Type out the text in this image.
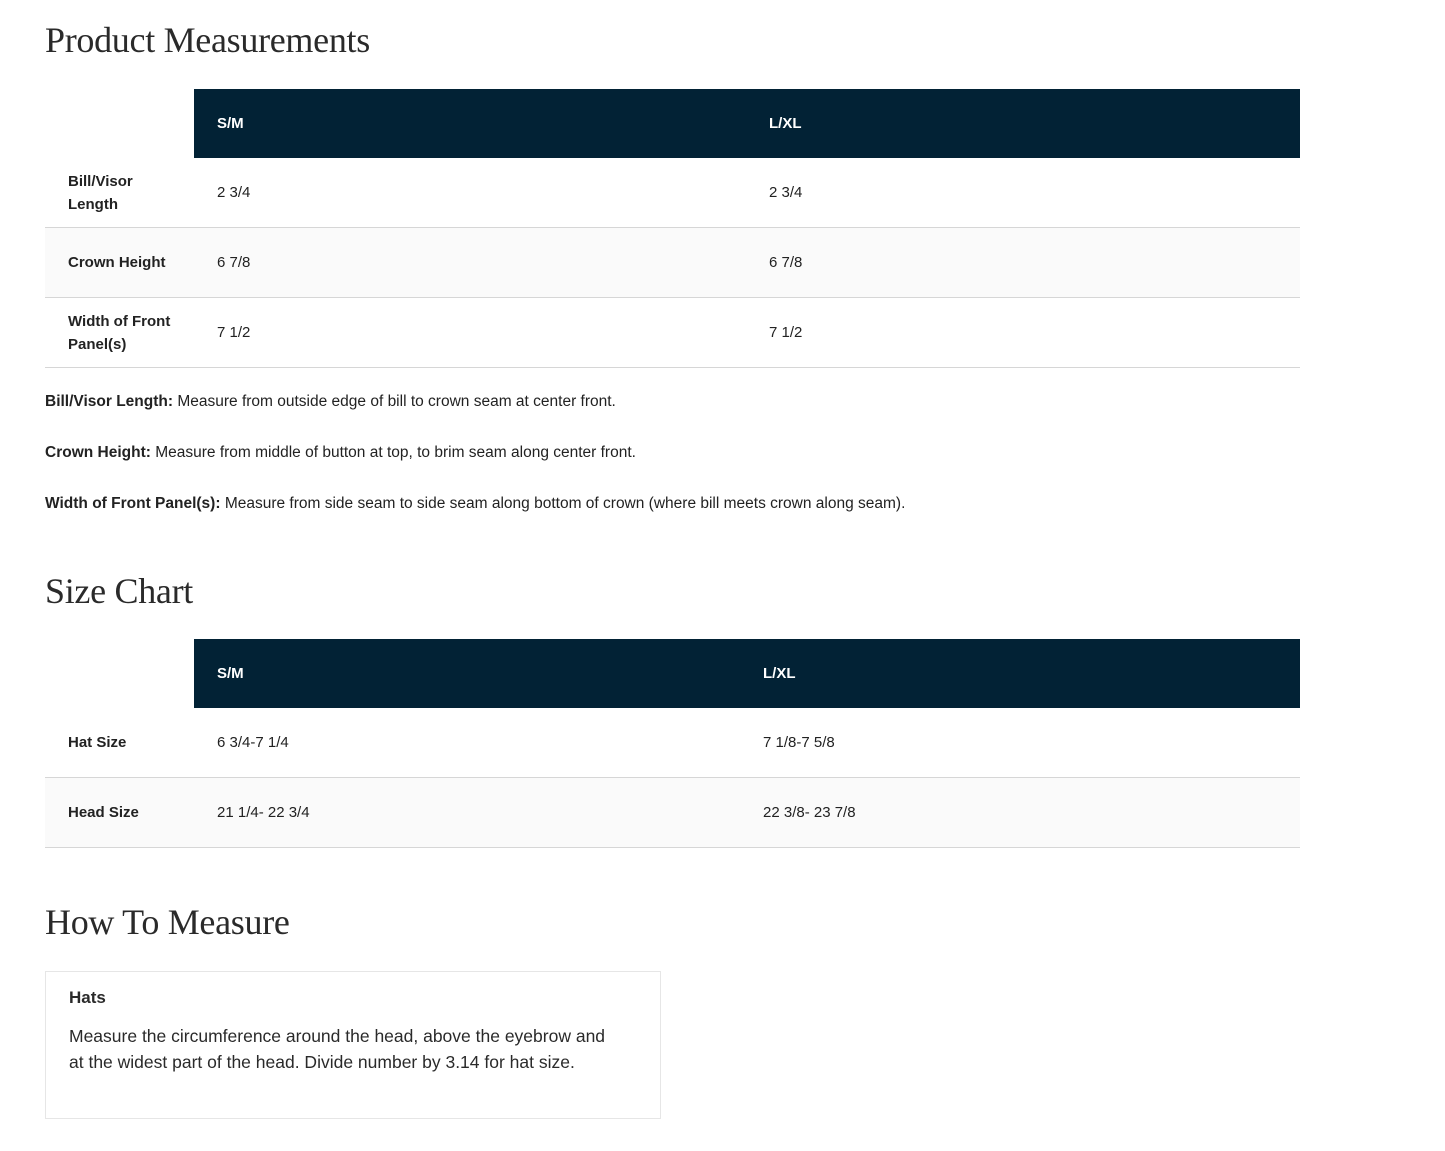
Product Measurements
	S/M	L/XL
Bill/Visor Length	2 3/4	2 3/4
Crown Height	6 7/8	6 7/8
Width of Front Panel(s)	7 1/2	7 1/2

Bill/Visor Length: Measure from outside edge of bill to crown seam at center front.

Crown Height: Measure from middle of button at top, to brim seam along center front.

Width of Front Panel(s): Measure from side seam to side seam along bottom of crown (where bill meets crown along seam).

Size Chart
	S/M	L/XL
Hat Size	6 3/4-7 1/4	7 1/8-7 5/8
Head Size	21 1/4- 22 3/4	22 3/8- 23 7/8
How To Measure
Hats

Measure the circumference around the head, above the eyebrow and at the widest part of the head. Divide number by 3.14 for hat size.
